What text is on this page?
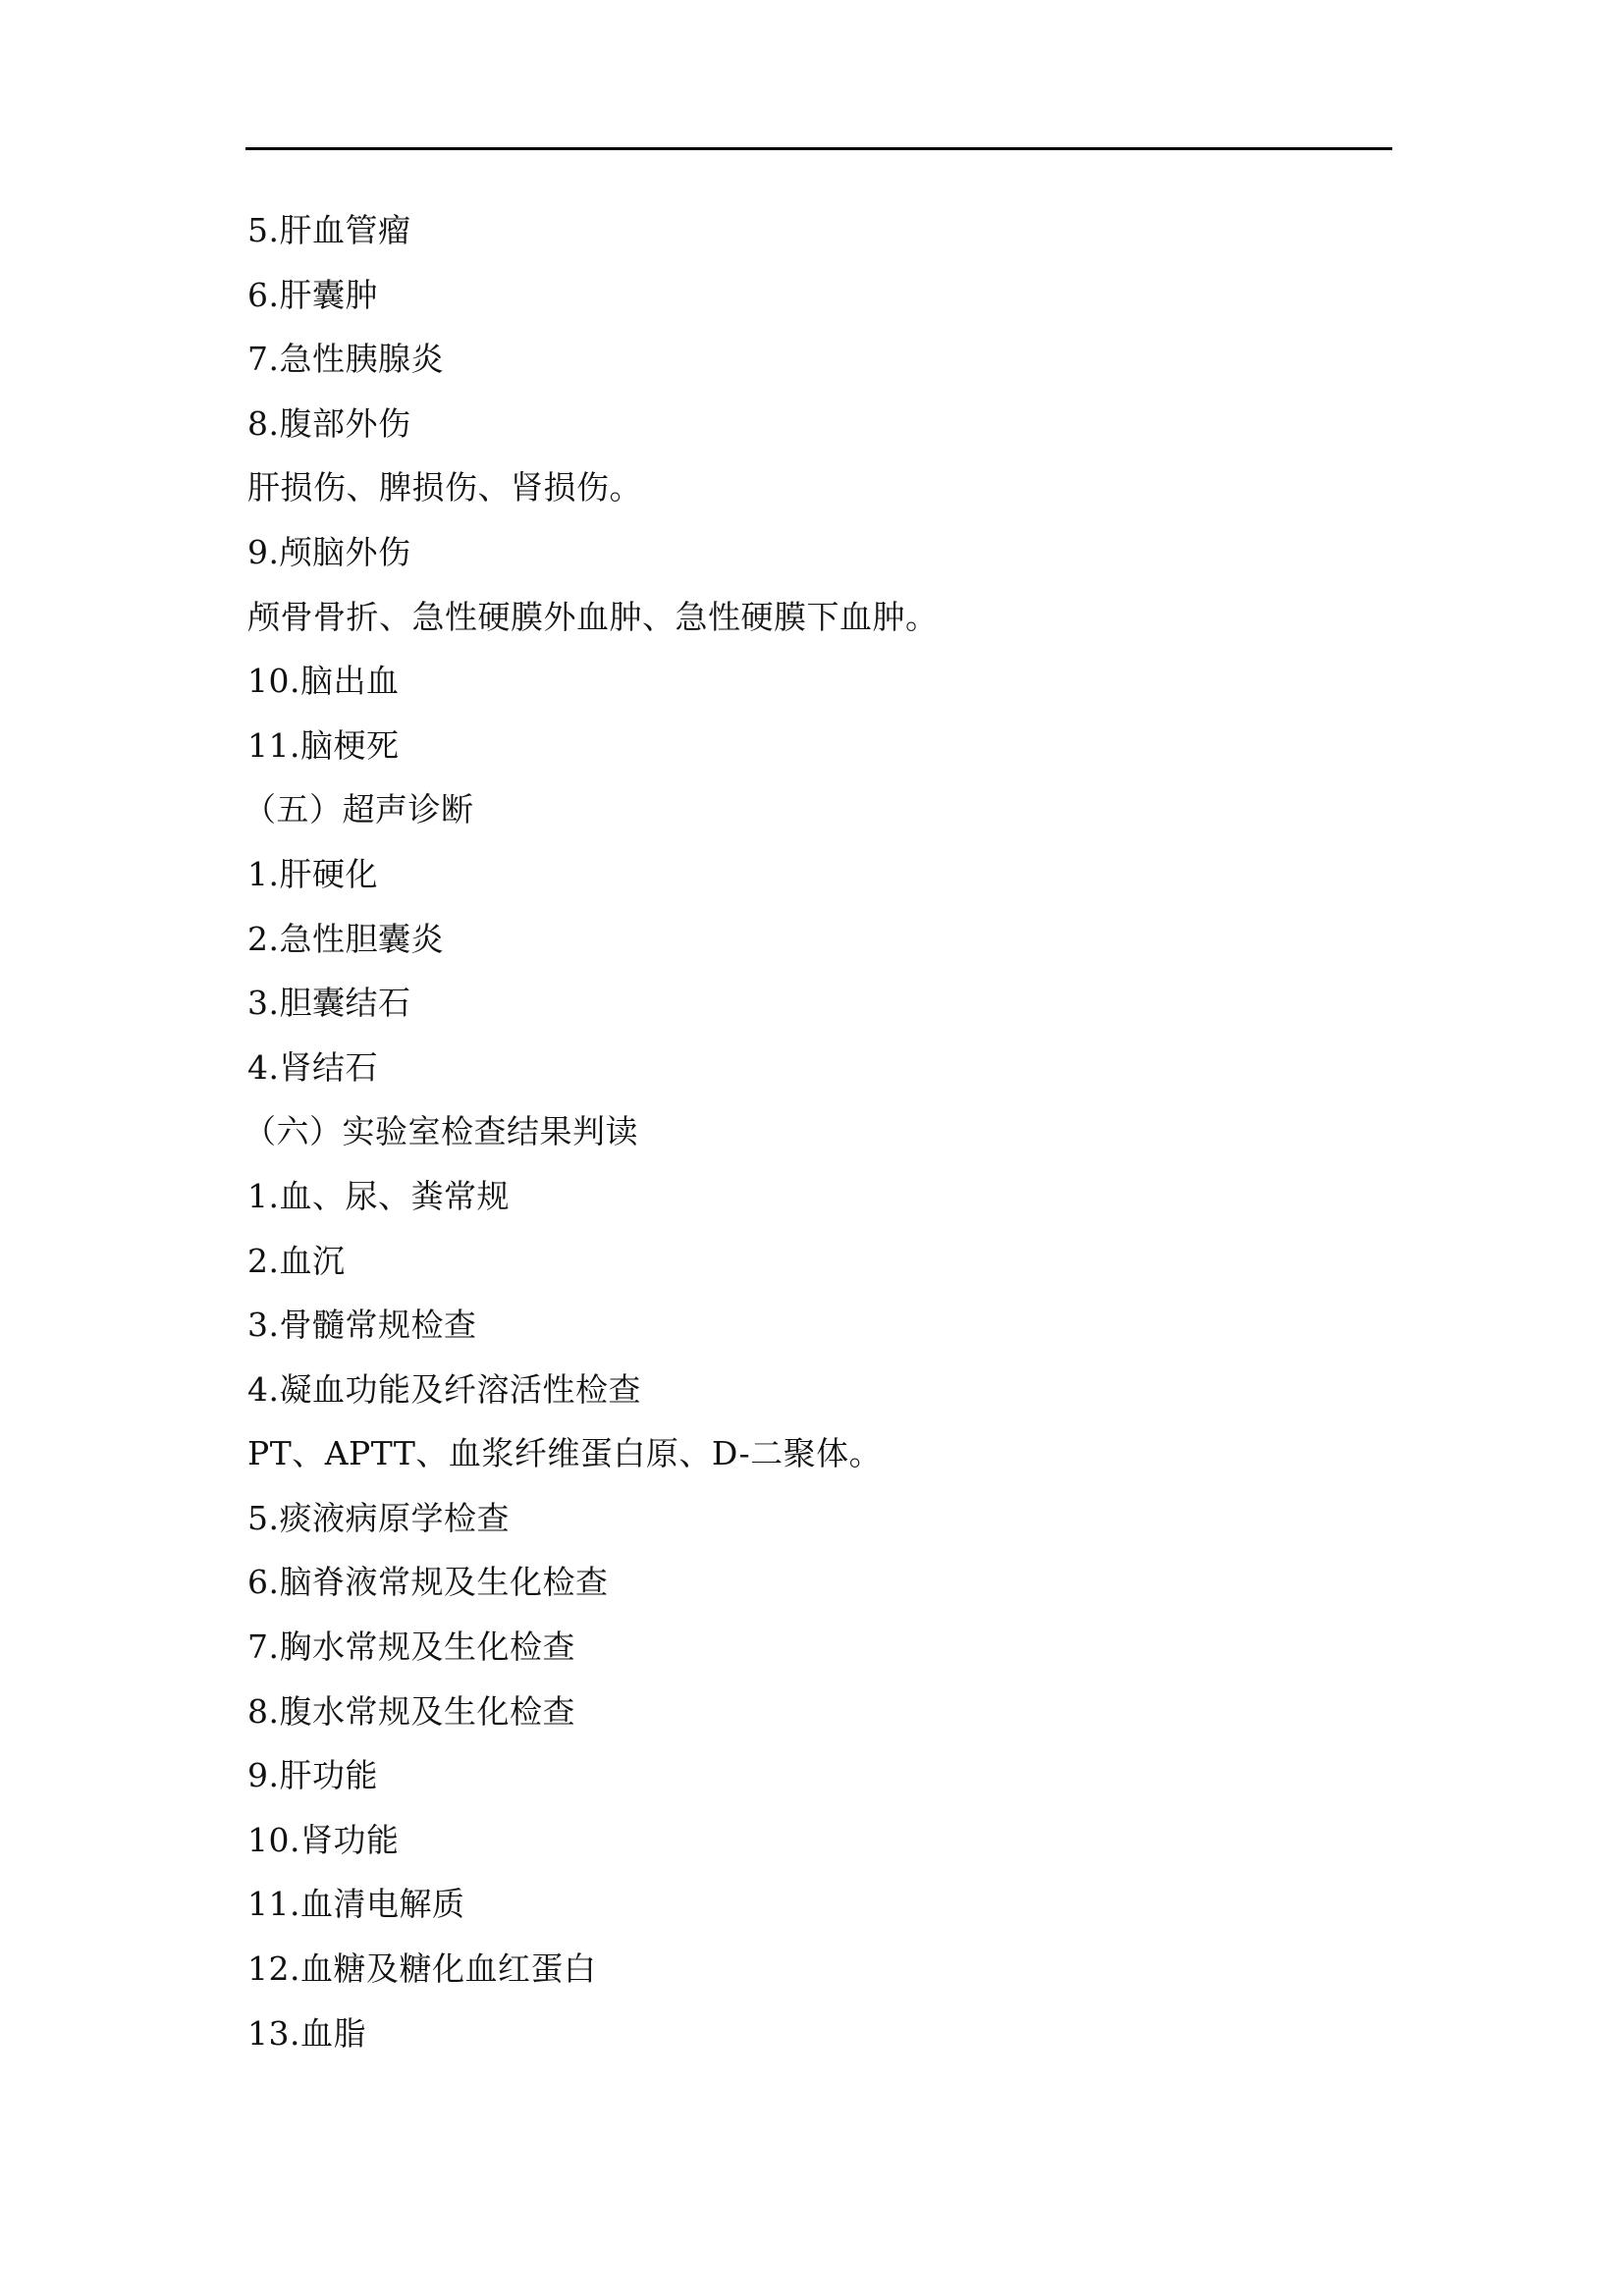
5.肝血管瘤
6.肝囊肿
7.急性胰腺炎
8.腹部外伤
肝损伤、脾损伤、肾损伤。
9.颅脑外伤
颅骨骨折、急性硬膜外血肿、急性硬膜下血肿。
10.脑出血
11.脑梗死
（五）超声诊断
1.肝硬化
2.急性胆囊炎
3.胆囊结石
4.肾结石
（六）实验室检查结果判读
1.血、尿、粪常规
2.血沉
3.骨髓常规检查
4.凝血功能及纤溶活性检查
PT、APTT、血浆纤维蛋白原、D-二聚体。
5.痰液病原学检查
6.脑脊液常规及生化检查
7.胸水常规及生化检查
8.腹水常规及生化检查
9.肝功能
10.肾功能
11.血清电解质
12.血糖及糖化血红蛋白
13.血脂
